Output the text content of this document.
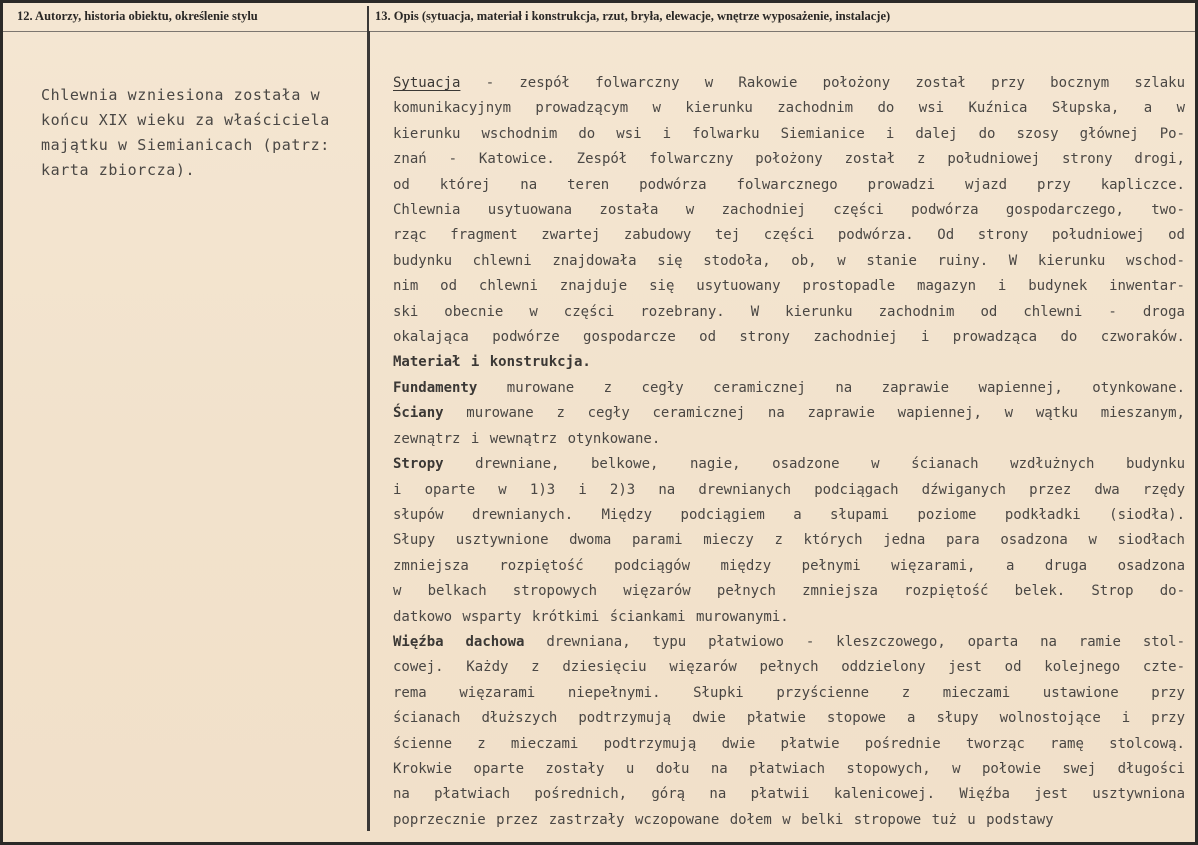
12. Autorzy, historia obiektu, określenie stylu	13. Opis (sytuacja, materiał i konstrukcja, rzut, bryła, elewacje, wnętrze wyposażenie, instalacje)
Chlewnia wzniesiona została w
końcu XIX wieku za właściciela
majątku w Siemianicach (patrz:
karta zbiorcza).
Sytuacja - zespół folwarczny w Rakowie położony został przy bocznym szlaku
komunikacyjnym prowadzącym w kierunku zachodnim do wsi Kuźnica Słupska, a w
kierunku wschodnim do wsi i folwarku Siemianice i dalej do szosy głównej Po-
znań - Katowice. Zespół folwarczny położony został z południowej strony drogi,
od której na teren podwórza folwarcznego prowadzi wjazd przy kapliczce.
Chlewnia usytuowana została w zachodniej części podwórza gospodarczego, two-
rząc fragment zwartej zabudowy tej części podwórza. Od strony południowej od
budynku chlewni znajdowała się stodoła, ob, w stanie ruiny. W kierunku wschod-
nim od chlewni znajduje się usytuowany prostopadle magazyn i budynek inwentar-
ski obecnie w części rozebrany. W kierunku zachodnim od chlewni - droga
okalająca podwórze gospodarcze od strony zachodniej i prowadząca do czworaków.
Materiał i konstrukcja.
Fundamenty murowane z cegły ceramicznej na zaprawie wapiennej, otynkowane.
Ściany murowane z cegły ceramicznej na zaprawie wapiennej, w wątku mieszanym,
zewnątrz i wewnątrz otynkowane.
Stropy drewniane, belkowe, nagie, osadzone w ścianach wzdłużnych budynku
i oparte w 1)3 i 2)3 na drewnianych podciągach dźwiganych przez dwa rzędy
słupów drewnianych. Między podciągiem a słupami poziome podkładki (siodła).
Słupy usztywnione dwoma parami mieczy z których jedna para osadzona w siodłach
zmniejsza rozpiętość podciągów między pełnymi więzarami, a druga osadzona
w belkach stropowych więzarów pełnych zmniejsza rozpiętość belek. Strop do-
datkowo wsparty krótkimi ściankami murowanymi.
Więźba dachowa drewniana, typu płatwiowo - kleszczowego, oparta na ramie stol-
cowej. Każdy z dziesięciu więzarów pełnych oddzielony jest od kolejnego czte-
rema więzarami niepełnymi. Słupki przyścienne z mieczami ustawione przy
ścianach dłuższych podtrzymują dwie płatwie stopowe a słupy wolnostojące i przy
ścienne z mieczami podtrzymują dwie płatwie pośrednie tworząc ramę stolcową.
Krokwie oparte zostały u dołu na płatwiach stopowych, w połowie swej długości
na płatwiach pośrednich, górą na płatwii kalenicowej. Więźba jest usztywniona
poprzecznie przez zastrzały wczopowane dołem w belki stropowe tuż u podstawy
